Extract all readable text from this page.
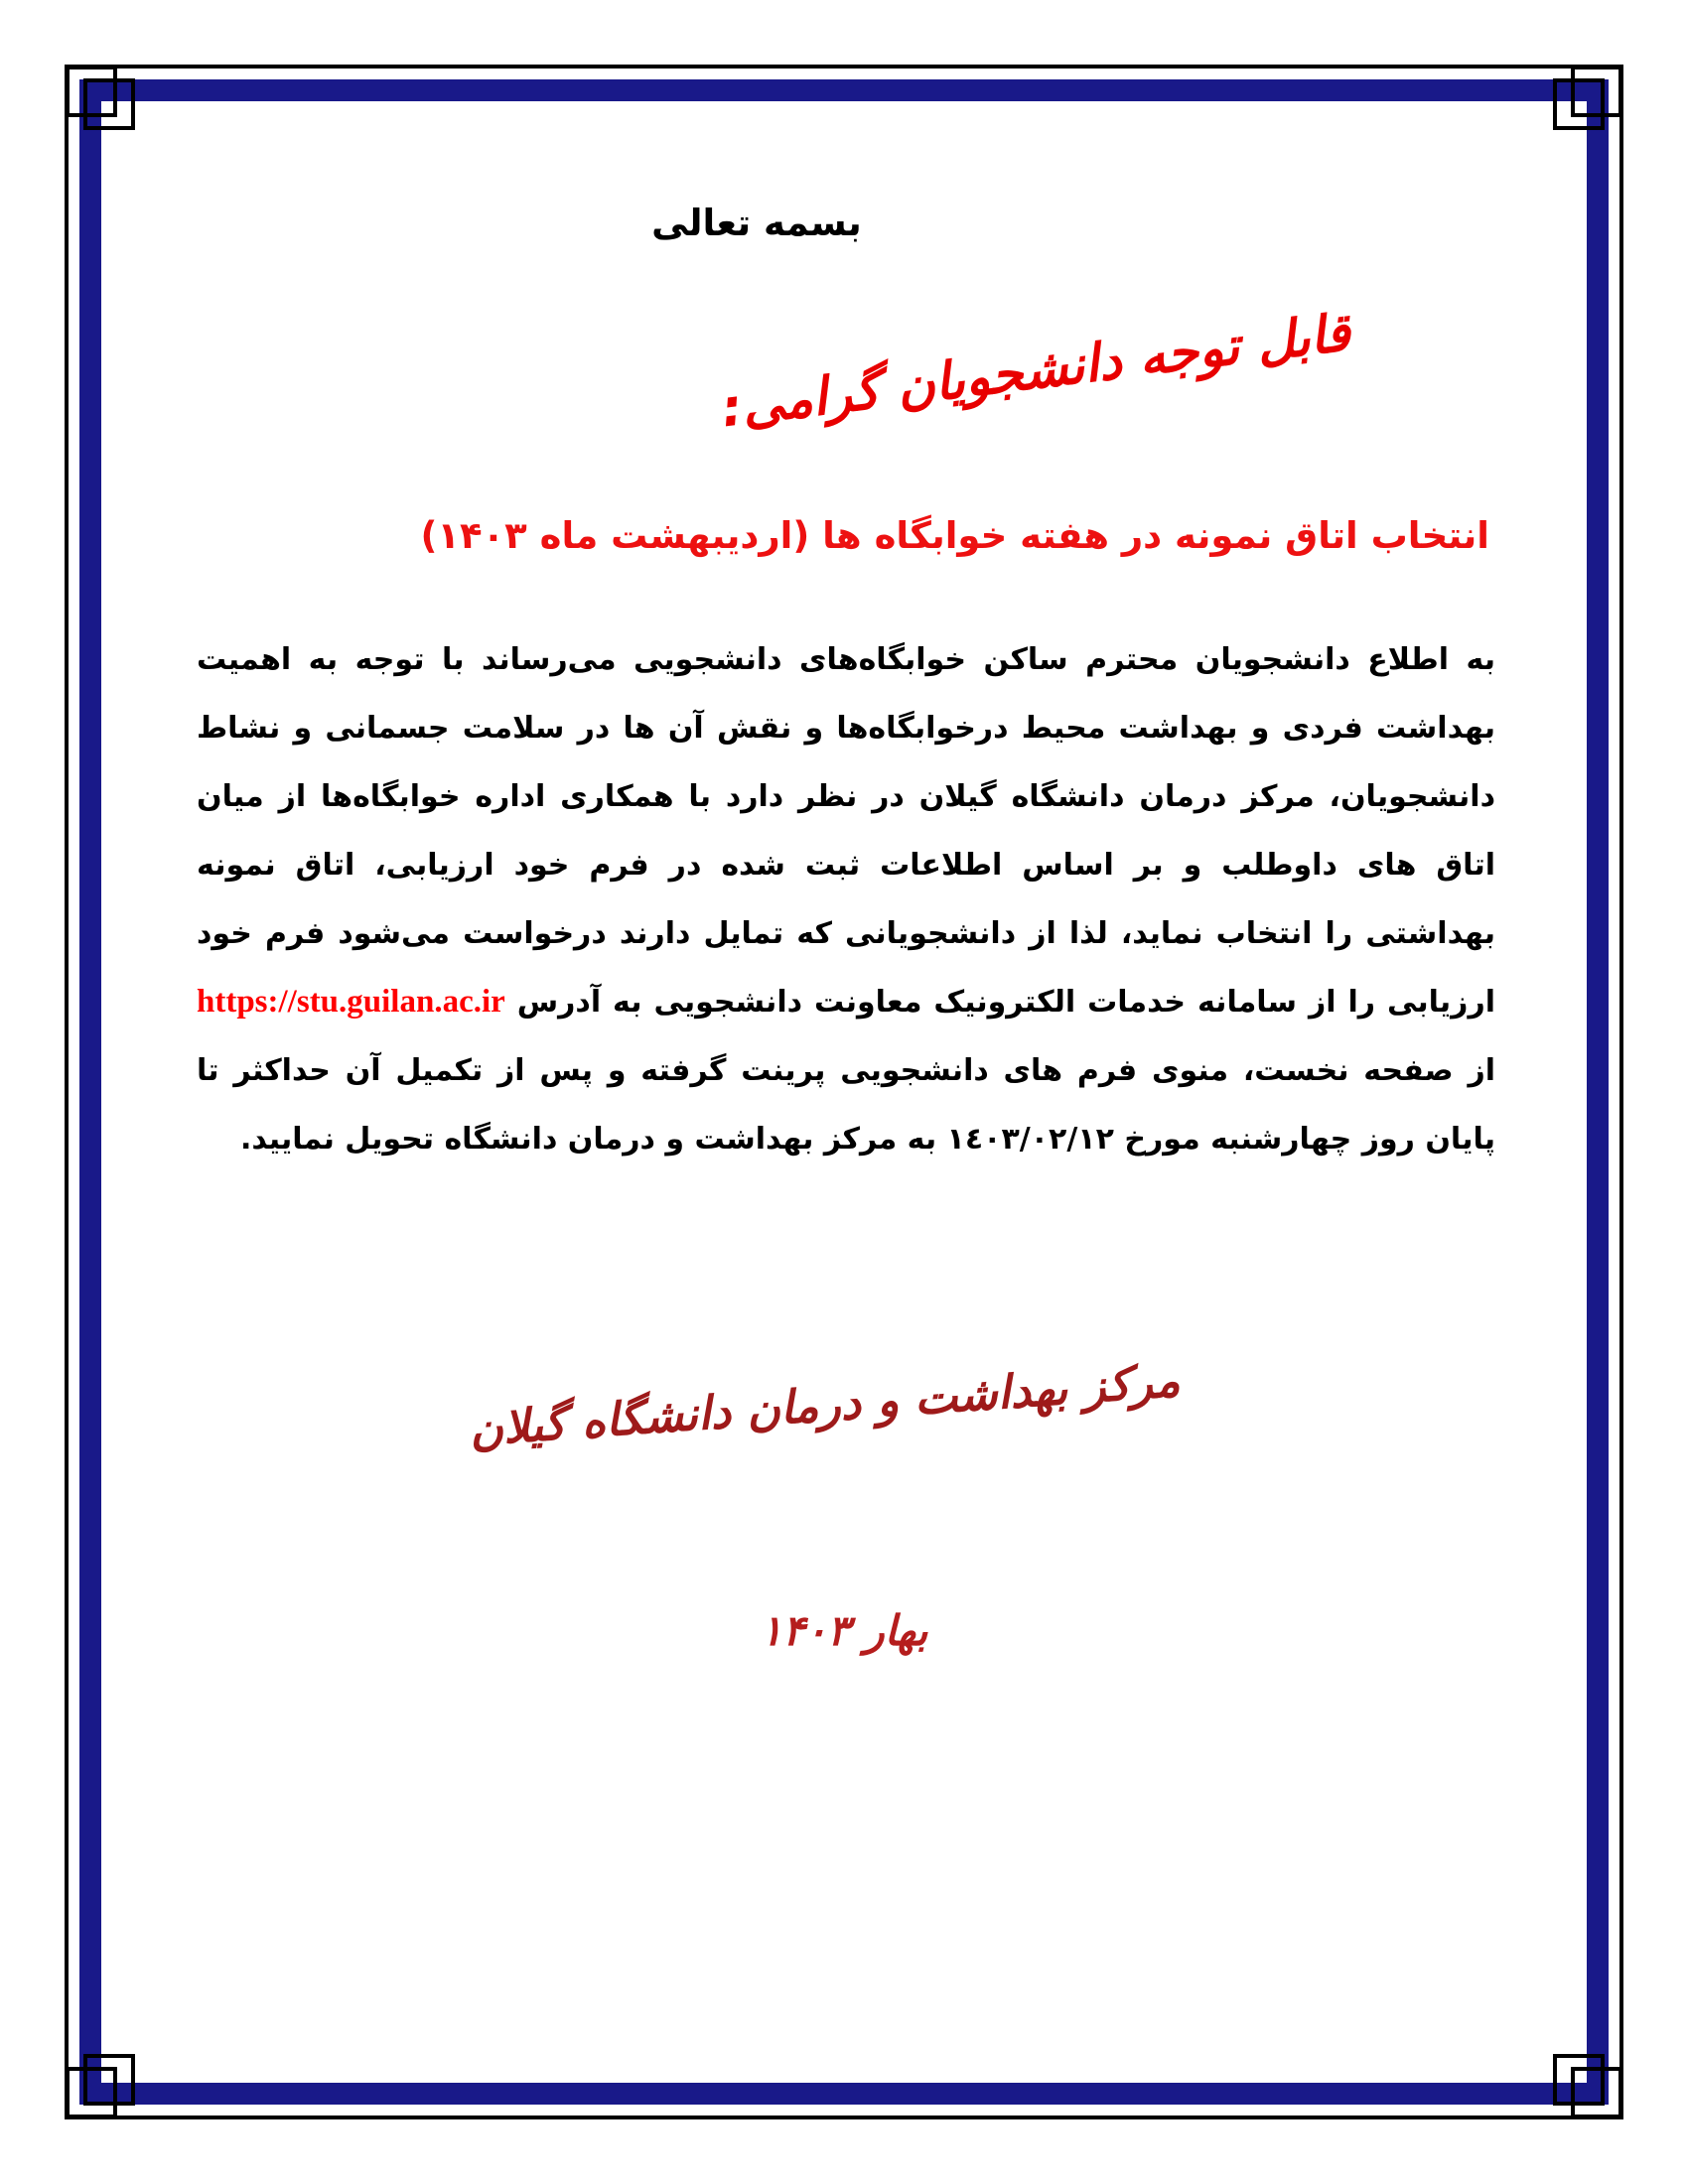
بسمه تعالی
قابل توجه دانشجویان گرامی:
انتخاب اتاق نمونه در هفته خوابگاه ها (اردیبهشت ماه ۱۴۰۳)
به اطلاع دانشجویان محترم ساکن خوابگاه‌های دانشجویی می‌رساند با توجه به اهمیت بهداشت فردی و بهداشت محیط درخوابگاه‌ها و نقش آن ها در سلامت جسمانی و نشاط دانشجویان، مرکز درمان دانشگاه گیلان در نظر دارد با همکاری اداره خوابگاه‌ها از میان اتاق های داوطلب و بر اساس اطلاعات ثبت شده در فرم خود ارزیابی، اتاق نمونه بهداشتی را انتخاب نماید، لذا از دانشجویانی که تمایل دارند درخواست می‌شود فرم خود ارزیابی را از سامانه خدمات الکترونیک معاونت دانشجویی به آدرس https://stu.guilan.ac.ir از صفحه نخست، منوی فرم های دانشجویی پرینت گرفته و پس از تکمیل آن حداکثر تا پایان روز چهارشنبه مورخ ١٤٠٣/٠٢/١٢ به مرکز بهداشت و درمان دانشگاه تحویل نمایید.
مرکز بهداشت و درمان دانشگاه گیلان
بهار ۱۴۰۳
